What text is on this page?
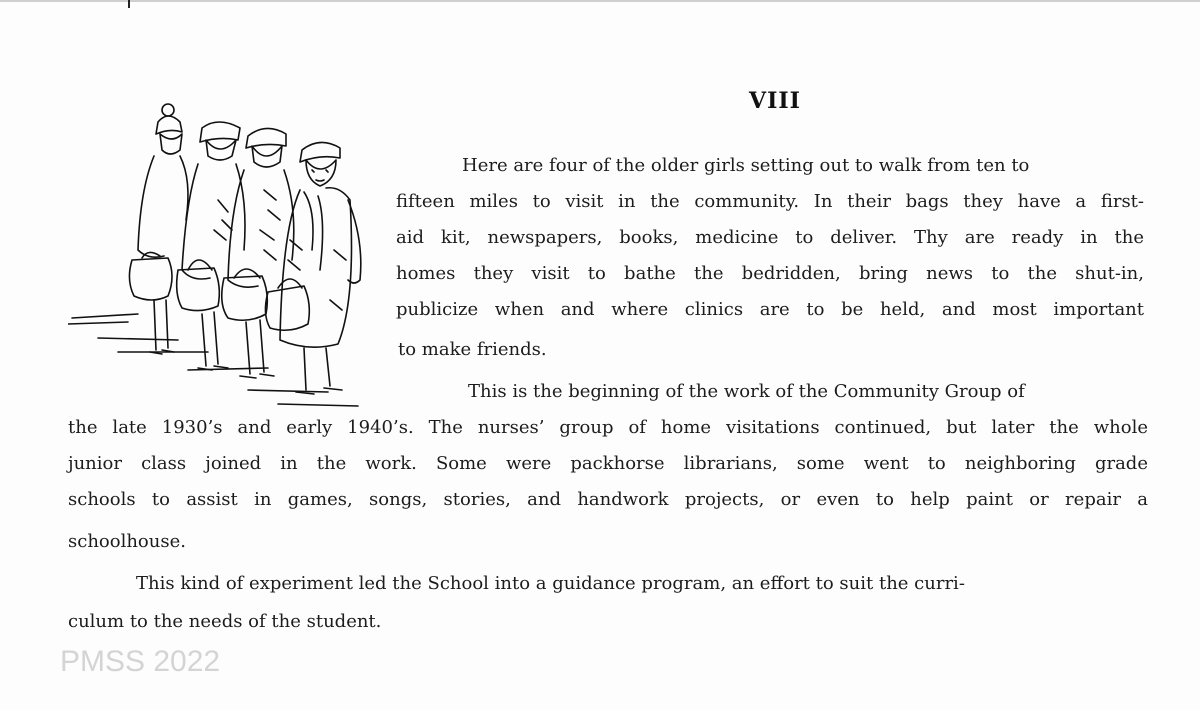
VIII
Here are four of the older girls setting out to walk from ten to
fifteen miles to visit in the community. In their bags they have a first-
aid kit, newspapers, books, medicine to deliver. Thy are ready in the
homes they visit to bathe the bedridden, bring news to the shut-in,
publicize when and where clinics are to be held, and most important
to make friends.
This is the beginning of the work of the Community Group of
the late 1930’s and early 1940’s. The nurses’ group of home visitations continued, but later the whole
junior class joined in the work. Some were packhorse librarians, some went to neighboring grade
schools to assist in games, songs, stories, and handwork projects, or even to help paint or repair a
schoolhouse.
This kind of experiment led the School into a guidance program, an effort to suit the curri-
culum to the needs of the student.
PMSS 2022
